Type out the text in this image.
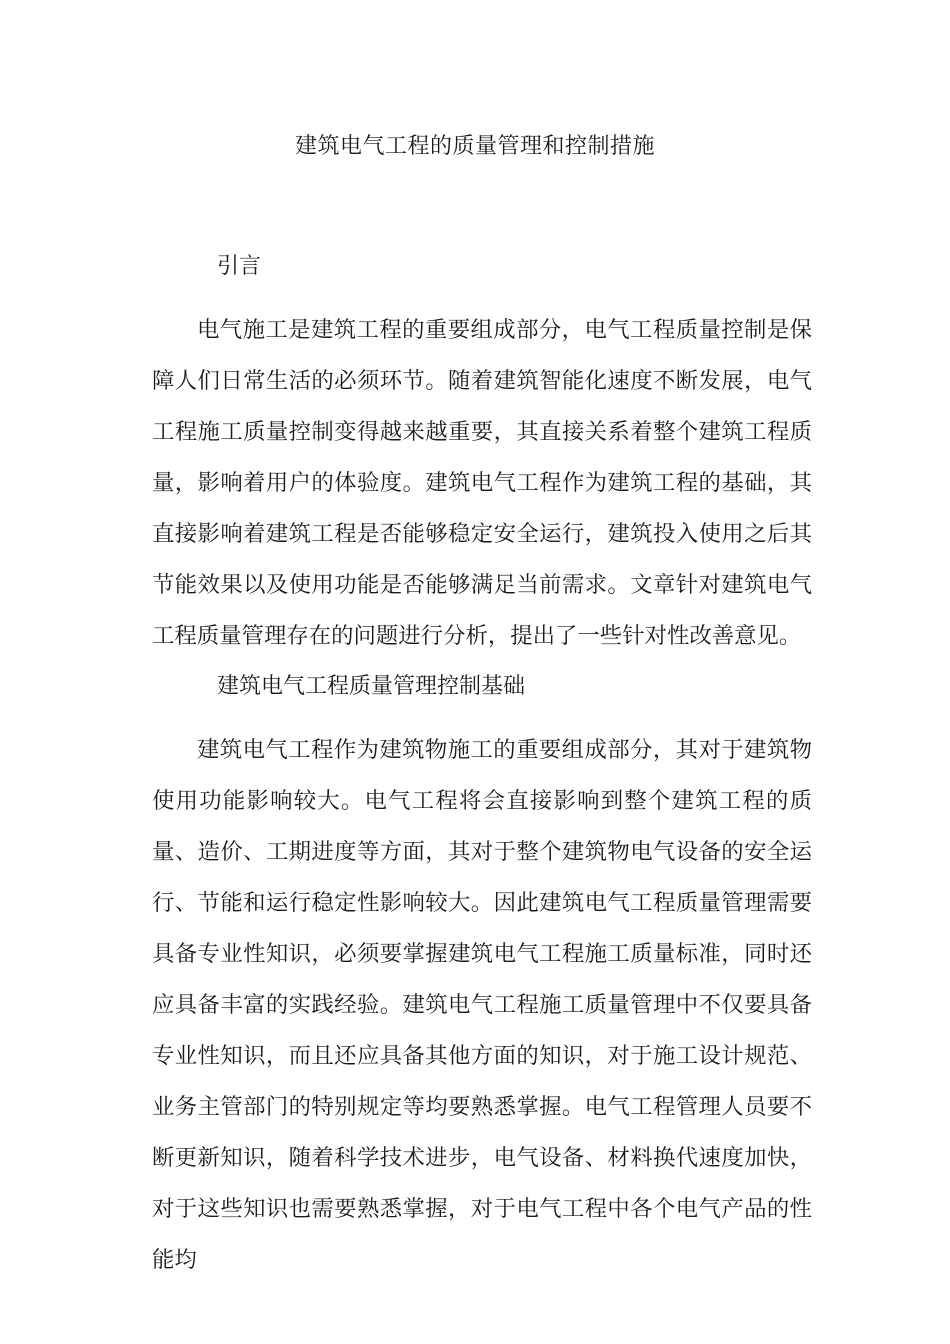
建筑电气工程的质量管理和控制措施
引言

电气施工是建筑工程的重要组成部分，电气工程质量控制是保障人们日常生活的必须环节。随着建筑智能化速度不断发展，电气工程施工质量控制变得越来越重要，其直接关系着整个建筑工程质量，影响着用户的体验度。建筑电气工程作为建筑工程的基础，其直接影响着建筑工程是否能够稳定安全运行，建筑投入使用之后其节能效果以及使用功能是否能够满足当前需求。文章针对建筑电气工程质量管理存在的问题进行分析，提出了一些针对性改善意见。

建筑电气工程质量管理控制基础

建筑电气工程作为建筑物施工的重要组成部分，其对于建筑物使用功能影响较大。电气工程将会直接影响到整个建筑工程的质量、造价、工期进度等方面，其对于整个建筑物电气设备的安全运行、节能和运行稳定性影响较大。因此建筑电气工程质量管理需要具备专业性知识，必须要掌握建筑电气工程施工质量标准，同时还应具备丰富的实践经验。建筑电气工程施工质量管理中不仅要具备专业性知识，而且还应具备其他方面的知识，对于施工设计规范、业务主管部门的特别规定等均要熟悉掌握。电气工程管理人员要不断更新知识，随着科学技术进步，电气设备、材料换代速度加快，对于这些知识也需要熟悉掌握，对于电气工程中各个电气产品的性能均
